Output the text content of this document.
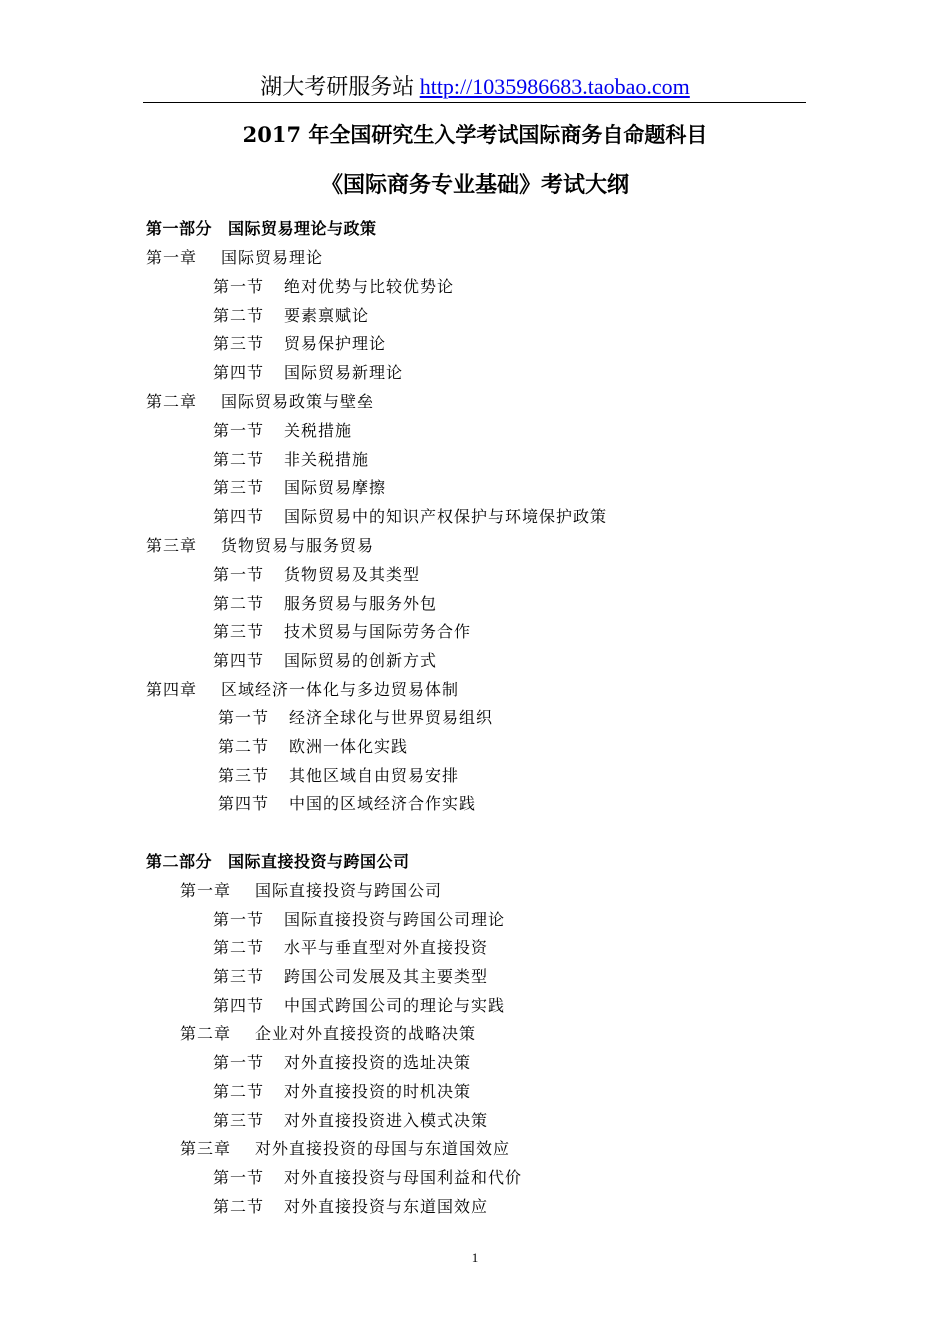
湖大考研服务站 http://1035986683.taobao.com
2017 年全国研究生入学考试国际商务自命题科目
《国际商务专业基础》考试大纲
第一部分 国际贸易理论与政策
第一章 国际贸易理论
第一节 绝对优势与比较优势论
第二节 要素禀赋论
第三节 贸易保护理论
第四节 国际贸易新理论
第二章 国际贸易政策与壁垒
第一节 关税措施
第二节 非关税措施
第三节 国际贸易摩擦
第四节 国际贸易中的知识产权保护与环境保护政策
第三章 货物贸易与服务贸易
第一节 货物贸易及其类型
第二节 服务贸易与服务外包
第三节 技术贸易与国际劳务合作
第四节 国际贸易的创新方式
第四章 区域经济一体化与多边贸易体制
第一节 经济全球化与世界贸易组织
第二节 欧洲一体化实践
第三节 其他区域自由贸易安排
第四节 中国的区域经济合作实践
第二部分 国际直接投资与跨国公司
第一章 国际直接投资与跨国公司
第一节 国际直接投资与跨国公司理论
第二节 水平与垂直型对外直接投资
第三节 跨国公司发展及其主要类型
第四节 中国式跨国公司的理论与实践
第二章 企业对外直接投资的战略决策
第一节 对外直接投资的选址决策
第二节 对外直接投资的时机决策
第三节 对外直接投资进入模式决策
第三章 对外直接投资的母国与东道国效应
第一节 对外直接投资与母国利益和代价
第二节 对外直接投资与东道国效应
1
